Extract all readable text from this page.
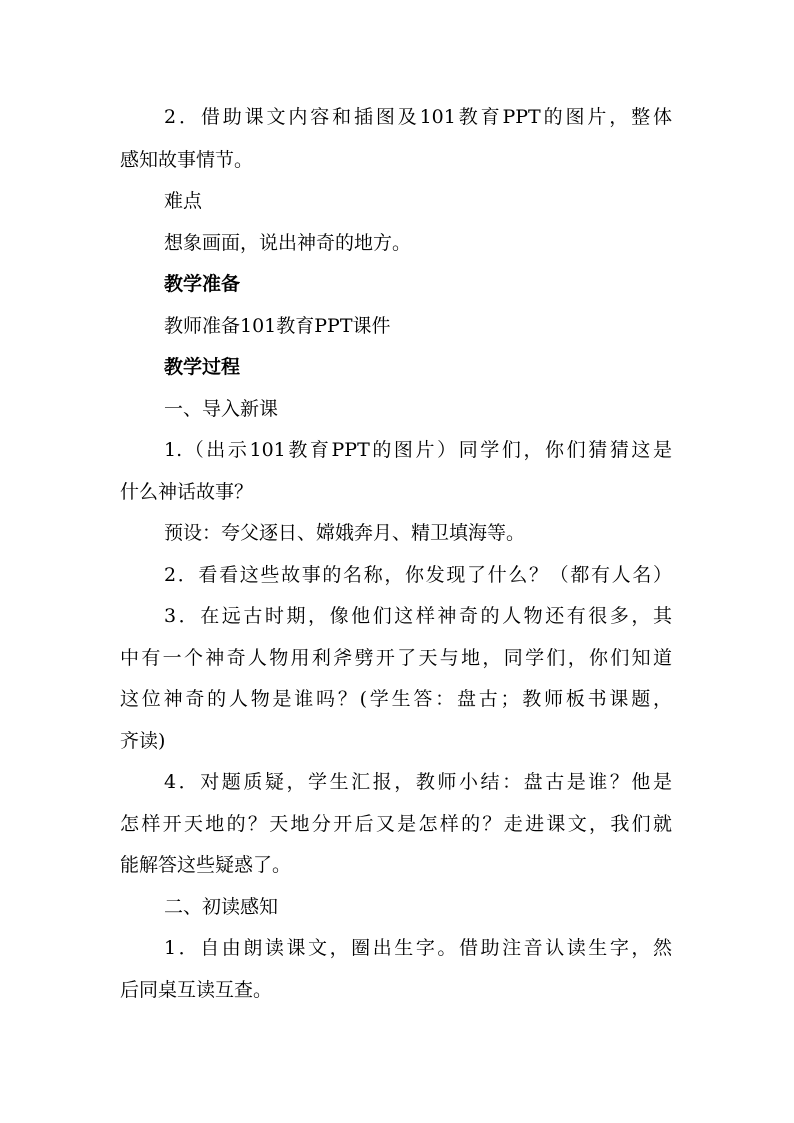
2．借助课文内容和插图及101教育PPT的图片，整体
感知故事情节。
难点
想象画面，说出神奇的地方。
教学准备
教师准备101教育PPT课件
教学过程
一、导入新课
1.（出示101教育PPT的图片）同学们，你们猜猜这是
什么神话故事？
预设：夸父逐日、嫦娥奔月、精卫填海等。
2．看看这些故事的名称，你发现了什么？（都有人名）
3．在远古时期，像他们这样神奇的人物还有很多，其
中有一个神奇人物用利斧劈开了天与地，同学们，你们知道
这位神奇的人物是谁吗？(学生答：盘古；教师板书课题，
齐读)
4．对题质疑，学生汇报，教师小结：盘古是谁？他是
怎样开天地的？天地分开后又是怎样的？走进课文，我们就
能解答这些疑惑了。
二、初读感知
1．自由朗读课文，圈出生字。借助注音认读生字，然
后同桌互读互查。
